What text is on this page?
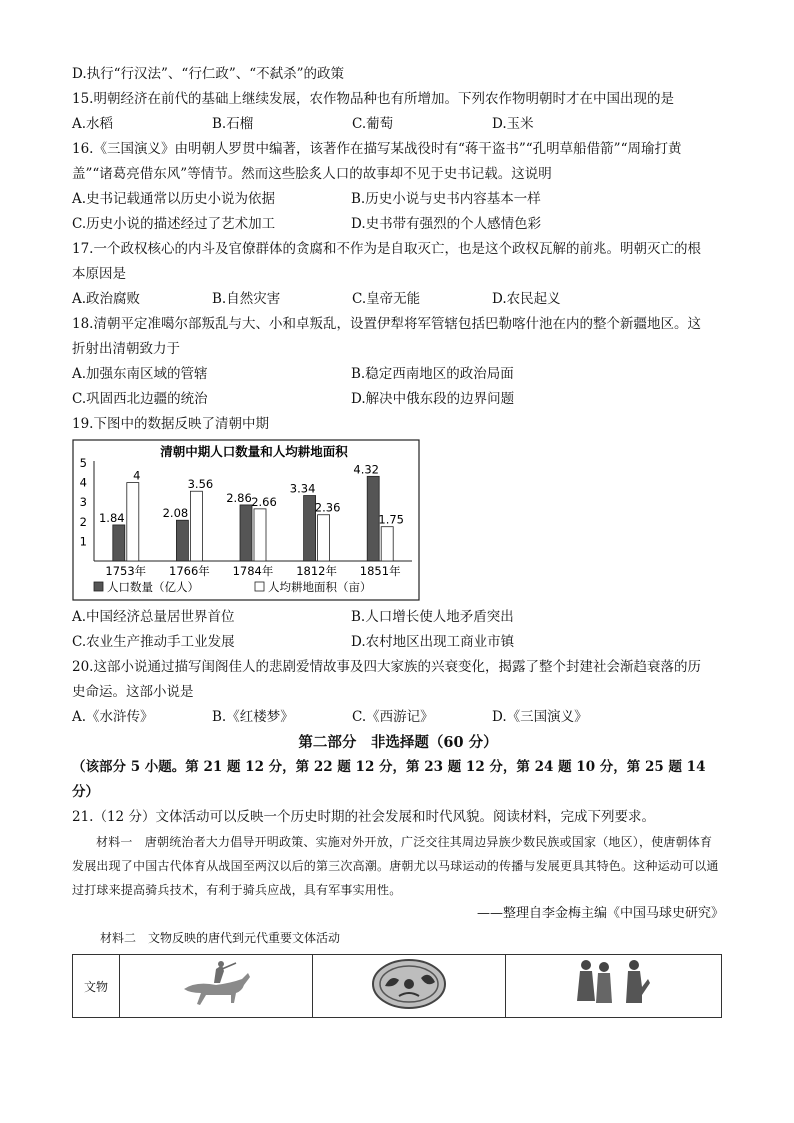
D.执行“行汉法”、“行仁政”、“不弑杀”的政策
15.明朝经济在前代的基础上继续发展，农作物品种也有所增加。下列农作物明朝时才在中国出现的是
A.水稻	B.石榴	C.葡萄	D.玉米
16.《三国演义》由明朝人罗贯中编著，该著作在描写某战役时有“蒋干盗书”“孔明草船借箭”“周瑜打黄
盖”“诸葛亮借东风”等情节。然而这些脍炙人口的故事却不见于史书记载。这说明
A.史书记载通常以历史小说为依据	B.历史小说与史书内容基本一样
C.历史小说的描述经过了艺术加工	D.史书带有强烈的个人感情色彩
17.一个政权核心的内斗及官僚群体的贪腐和不作为是自取灭亡，也是这个政权瓦解的前兆。明朝灭亡的根
本原因是
A.政治腐败	B.自然灾害	C.皇帝无能	D.农民起义
18.清朝平定准噶尔部叛乱与大、小和卓叛乱，设置伊犁将军管辖包括巴勒喀什池在内的整个新疆地区。这
折射出清朝致力于
A.加强东南区域的管辖	B.稳定西南地区的政治局面
C.巩固西北边疆的统治	D.解决中俄东段的边界问题
19.下图中的数据反映了清朝中期
清朝中期人口数量和人均耕地面积
1
2
3
4
5
1.84
4
1753年
2.08
3.56
1766年
2.86 2.66
1784年
3.34
2.36
1812年
4.32
1.75
1851年
人口数量（亿人）	人均耕地面积（亩）
A.中国经济总量居世界首位	B.人口增长使人地矛盾突出
C.农业生产推动手工业发展	D.农村地区出现工商业市镇
20.这部小说通过描写闺阁佳人的悲剧爱情故事及四大家族的兴衰变化，揭露了整个封建社会渐趋衰落的历
史命运。这部小说是
A.《水浒传》	B.《红楼梦》	C.《西游记》	D.《三国演义》
第二部分　非选择题（60 分）
（该部分 5 小题。第 21 题 12 分，第 22 题 12 分，第 23 题 12 分，第 24 题 10 分，第 25 题 14 分）
21.（12 分）文体活动可以反映一个历史时期的社会发展和时代风貌。阅读材料，完成下列要求。
材料一　唐朝统治者大力倡导开明政策、实施对外开放，广泛交往其周边异族少数民族或国家（地区），使唐朝体育发展出现了中国古代体育从战国至两汉以后的第三次高潮。唐朝尤以马球运动的传播与发展更具其特色。这种运动可以通过打球来提高骑兵技术，有利于骑兵应战，具有军事实用性。
——整理自李金梅主编《中国马球史研究》
材料二　文物反映的唐代到元代重要文体活动
文物			
